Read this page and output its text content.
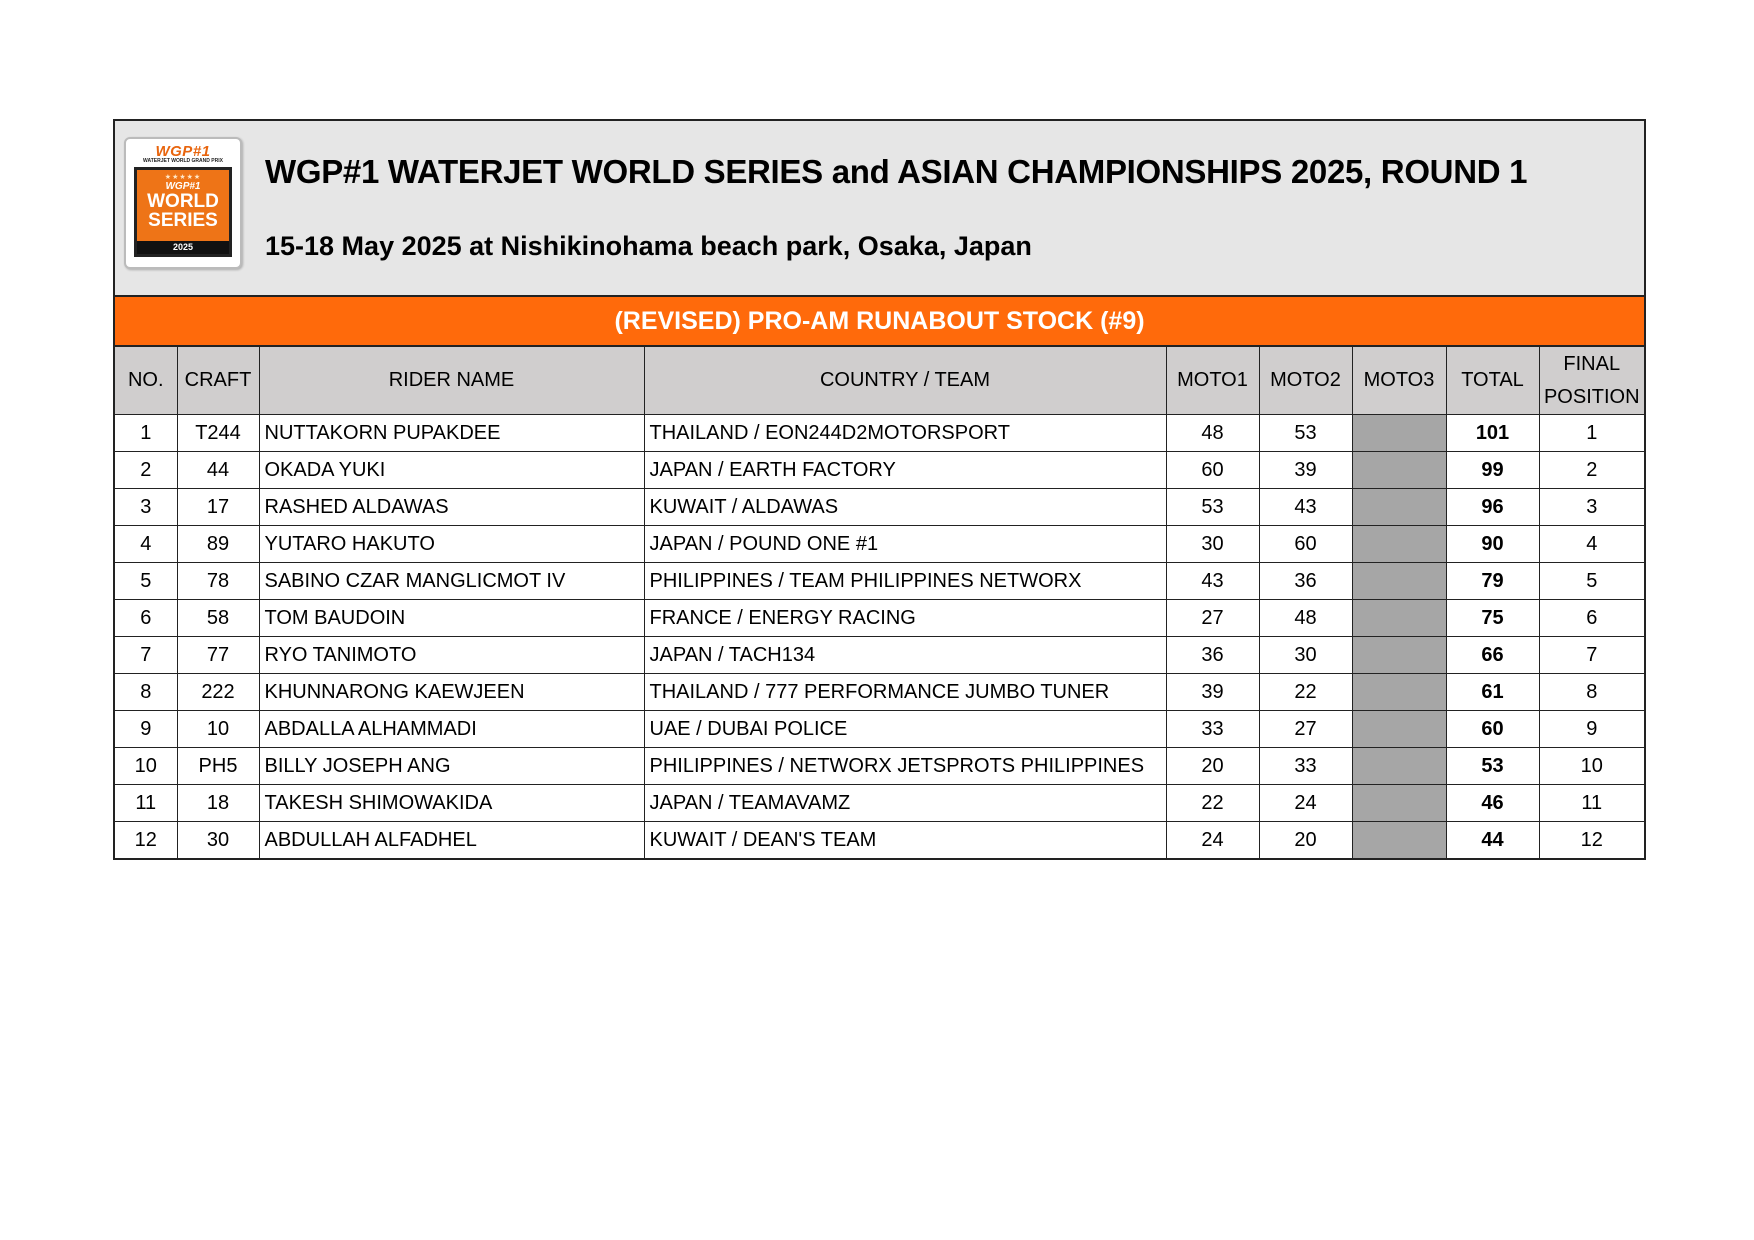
WGP#1
WATERJET WORLD GRAND PRIX
★★★★★
WGP#1
WORLD
SERIES
2025
WGP#1 WATERJET WORLD SERIES and ASIAN CHAMPIONSHIPS 2025, ROUND 1
15-18 May 2025 at Nishikinohama beach park, Osaka, Japan
(REVISED) PRO-AM RUNABOUT STOCK (#9)
NO.	CRAFT	RIDER NAME	COUNTRY / TEAM	MOTO1	MOTO2	MOTO3	TOTAL	FINAL
POSITION
1	T244	NUTTAKORN PUPAKDEE	THAILAND / EON244D2MOTORSPORT	48	53		101	1
2	44	OKADA YUKI	JAPAN / EARTH FACTORY	60	39		99	2
3	17	RASHED ALDAWAS	KUWAIT / ALDAWAS	53	43		96	3
4	89	YUTARO HAKUTO	JAPAN / POUND ONE #1	30	60		90	4
5	78	SABINO CZAR MANGLICMOT IV	PHILIPPINES / TEAM PHILIPPINES NETWORX	43	36		79	5
6	58	TOM BAUDOIN	FRANCE / ENERGY RACING	27	48		75	6
7	77	RYO TANIMOTO	JAPAN / TACH134	36	30		66	7
8	222	KHUNNARONG KAEWJEEN	THAILAND / 777 PERFORMANCE JUMBO TUNER	39	22		61	8
9	10	ABDALLA ALHAMMADI	UAE / DUBAI POLICE	33	27		60	9
10	PH5	BILLY JOSEPH ANG	PHILIPPINES / NETWORX JETSPROTS PHILIPPINES	20	33		53	10
11	18	TAKESH SHIMOWAKIDA	JAPAN / TEAMAVAMZ	22	24		46	11
12	30	ABDULLAH ALFADHEL	KUWAIT / DEAN'S TEAM	24	20		44	12
